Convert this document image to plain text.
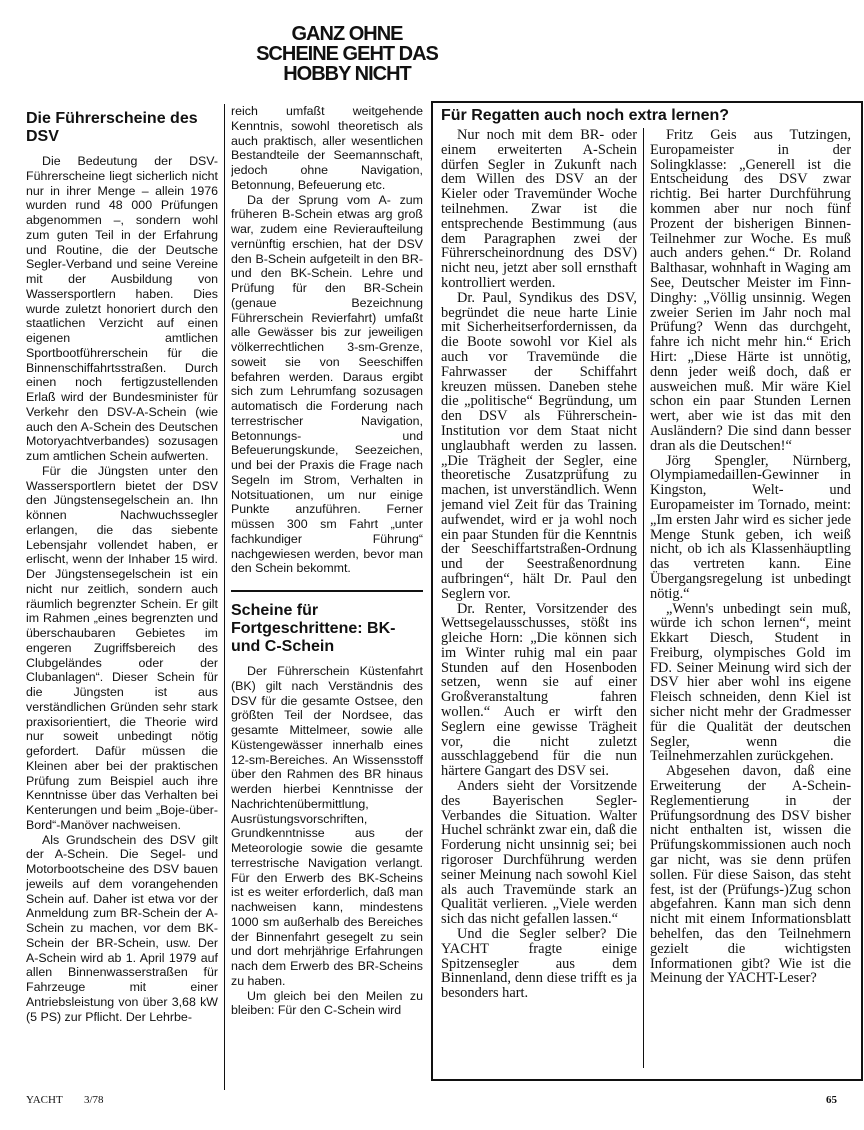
GANZ OHNE
SCHEINE GEHT DAS
HOBBY NICHT
Die Führerscheine des DSV

Die Bedeutung der DSV-Führerscheine liegt sicherlich nicht nur in ihrer Menge – allein 1976 wurden rund 48 000 Prüfungen abgenommen –, sondern wohl zum guten Teil in der Erfahrung und Routine, die der Deutsche Segler-Verband und seine Vereine mit der Ausbildung von Wassersportlern haben. Dies wurde zuletzt honoriert durch den staatlichen Verzicht auf einen eigenen amtlichen Sportbootführerschein für die Binnenschiffahrtsstraßen. Durch einen noch fertigzustellenden Erlaß wird der Bundesminister für Verkehr den DSV-A-Schein (wie auch den A-Schein des Deutschen Motoryachtverbandes) sozusagen zum amtlichen Schein aufwerten.

Für die Jüngsten unter den Wassersportlern bietet der DSV den Jüngstensegelschein an. Ihn können Nachwuchssegler erlangen, die das siebente Lebensjahr vollendet haben, er erlischt, wenn der Inhaber 15 wird. Der Jüngstensegelschein ist ein nicht nur zeitlich, sondern auch räumlich begrenzter Schein. Er gilt im Rahmen „eines begrenzten und überschaubaren Gebietes im engeren Zugriffsbereich des Clubgeländes oder der Clubanlagen“. Dieser Schein für die Jüngsten ist aus verständlichen Gründen sehr stark praxisorientiert, die Theorie wird nur soweit unbedingt nötig gefordert. Dafür müssen die Kleinen aber bei der praktischen Prüfung zum Beispiel auch ihre Kenntnisse über das Verhalten bei Kenterungen und beim „Boje-über-Bord“-Manöver nachweisen.

Als Grundschein des DSV gilt der A-Schein. Die Segel- und Motorbootscheine des DSV bauen jeweils auf dem vorangehenden Schein auf. Daher ist etwa vor der Anmeldung zum BR-Schein der A-Schein zu machen, vor dem BK-Schein der BR-Schein, usw. Der A-Schein wird ab 1. April 1979 auf allen Binnenwasserstraßen für Fahrzeuge mit einer Antriebsleistung von über 3,68 kW (5 PS) zur Pflicht. Der Lehrbe-

reich umfaßt weitgehende Kenntnis, sowohl theoretisch als auch praktisch, aller wesentlichen Bestandteile der Seemannschaft, jedoch ohne Navigation, Betonnung, Befeuerung etc.

Da der Sprung vom A- zum früheren B-Schein etwas arg groß war, zudem eine Revieraufteilung vernünftig erschien, hat der DSV den B-Schein aufgeteilt in den BR- und den BK-Schein. Lehre und Prüfung für den BR-Schein (genaue Bezeichnung Führerschein Revierfahrt) umfaßt alle Gewässer bis zur jeweiligen völkerrechtlichen 3-sm-Grenze, soweit sie von Seeschiffen befahren werden. Daraus ergibt sich zum Lehrumfang sozusagen automatisch die Forderung nach terrestrischer Navigation, Betonnungs- und Befeuerungskunde, Seezeichen, und bei der Praxis die Frage nach Segeln im Strom, Verhalten in Notsituationen, um nur einige Punkte anzuführen. Ferner müssen 300 sm Fahrt „unter fachkundiger Führung“ nachgewiesen werden, bevor man den Schein bekommt.

Scheine für Fortgeschrittene: BK- und C-Schein

Der Führerschein Küstenfahrt (BK) gilt nach Verständnis des DSV für die gesamte Ostsee, den größten Teil der Nordsee, das gesamte Mittelmeer, sowie alle Küstengewässer innerhalb eines 12-sm-Bereiches. An Wissensstoff über den Rahmen des BR hinaus werden hierbei Kenntnisse der Nachrichtenübermittlung, Ausrüstungsvorschriften, Grundkenntnisse aus der Meteorologie sowie die gesamte terrestrische Navigation verlangt. Für den Erwerb des BK-Scheins ist es weiter erforderlich, daß man nachweisen kann, mindestens 1000 sm außerhalb des Bereiches der Binnenfahrt gesegelt zu sein und dort mehrjährige Erfahrungen nach dem Erwerb des BR-Scheins zu haben.

Um gleich bei den Meilen zu bleiben: Für den C-Schein wird

Für Regatten auch noch extra lernen?

Nur noch mit dem BR- oder einem erweiterten A-Schein dürfen Segler in Zukunft nach dem Willen des DSV an der Kieler oder Travemünder Woche teilnehmen. Zwar ist die entsprechende Bestimmung (aus dem Paragraphen zwei der Führerscheinordnung des DSV) nicht neu, jetzt aber soll ernsthaft kontrolliert werden.

Dr. Paul, Syndikus des DSV, begründet die neue harte Linie mit Sicherheitserfordernissen, da die Boote sowohl vor Kiel als auch vor Travemünde die Fahrwasser der Schiffahrt kreuzen müssen. Daneben stehe die „politische“ Begründung, um den DSV als Führerschein-Institution vor dem Staat nicht unglaubhaft werden zu lassen. „Die Trägheit der Segler, eine theoretische Zusatzprüfung zu machen, ist unverständlich. Wenn jemand viel Zeit für das Training aufwendet, wird er ja wohl noch ein paar Stunden für die Kenntnis der Seeschiffartstraßen-Ordnung und der Seestraßenordnung aufbringen“, hält Dr. Paul den Seglern vor.

Dr. Renter, Vorsitzender des Wettsegelausschusses, stößt ins gleiche Horn: „Die können sich im Winter ruhig mal ein paar Stunden auf den Hosenboden setzen, wenn sie auf einer Großveranstaltung fahren wollen.“ Auch er wirft den Seglern eine gewisse Trägheit vor, die nicht zuletzt ausschlaggebend für die nun härtere Gangart des DSV sei.

Anders sieht der Vorsitzende des Bayerischen Segler-Verbandes die Situation. Walter Huchel schränkt zwar ein, daß die Forderung nicht unsinnig sei; bei rigoroser Durchführung werden seiner Meinung nach sowohl Kiel als auch Travemünde stark an Qualität verlieren. „Viele werden sich das nicht gefallen lassen.“

Und die Segler selber? Die YACHT fragte einige Spitzensegler aus dem Binnenland, denn diese trifft es ja besonders hart.

Fritz Geis aus Tutzingen, Europameister in der Solingklasse: „Generell ist die Entscheidung des DSV zwar richtig. Bei harter Durchführung kommen aber nur noch fünf Prozent der bisherigen Binnen-Teilnehmer zur Woche. Es muß auch anders gehen.“ Dr. Roland Balthasar, wohnhaft in Waging am See, Deutscher Meister im Finn-Dinghy: „Völlig unsinnig. Wegen zweier Serien im Jahr noch mal Prüfung? Wenn das durchgeht, fahre ich nicht mehr hin.“ Erich Hirt: „Diese Härte ist unnötig, denn jeder weiß doch, daß er ausweichen muß. Mir wäre Kiel schon ein paar Stunden Lernen wert, aber wie ist das mit den Ausländern? Die sind dann besser dran als die Deutschen!“

Jörg Spengler, Nürnberg, Olympiamedaillen-Gewinner in Kingston, Welt- und Europameister im Tornado, meint: „Im ersten Jahr wird es sicher jede Menge Stunk geben, ich weiß nicht, ob ich als Klassenhäuptling das vertreten kann. Eine Übergangsregelung ist unbedingt nötig.“

„Wenn's unbedingt sein muß, würde ich schon lernen“, meint Ekkart Diesch, Student in Freiburg, olympisches Gold im FD. Seiner Meinung wird sich der DSV hier aber wohl ins eigene Fleisch schneiden, denn Kiel ist sicher nicht mehr der Gradmesser für die Qualität der deutschen Segler, wenn die Teilnehmerzahlen zurückgehen.

Abgesehen davon, daß eine Erweiterung der A-Schein-Reglementierung in der Prüfungsordnung des DSV bisher nicht enthalten ist, wissen die Prüfungskommissionen auch noch gar nicht, was sie denn prüfen sollen. Für diese Saison, das steht fest, ist der (Prüfungs-)Zug schon abgefahren. Kann man sich denn nicht mit einem Informationsblatt behelfen, das den Teilnehmern gezielt die wichtigsten Informationen gibt? Wie ist die Meinung der YACHT-Leser?

YACHT 3/78	65
